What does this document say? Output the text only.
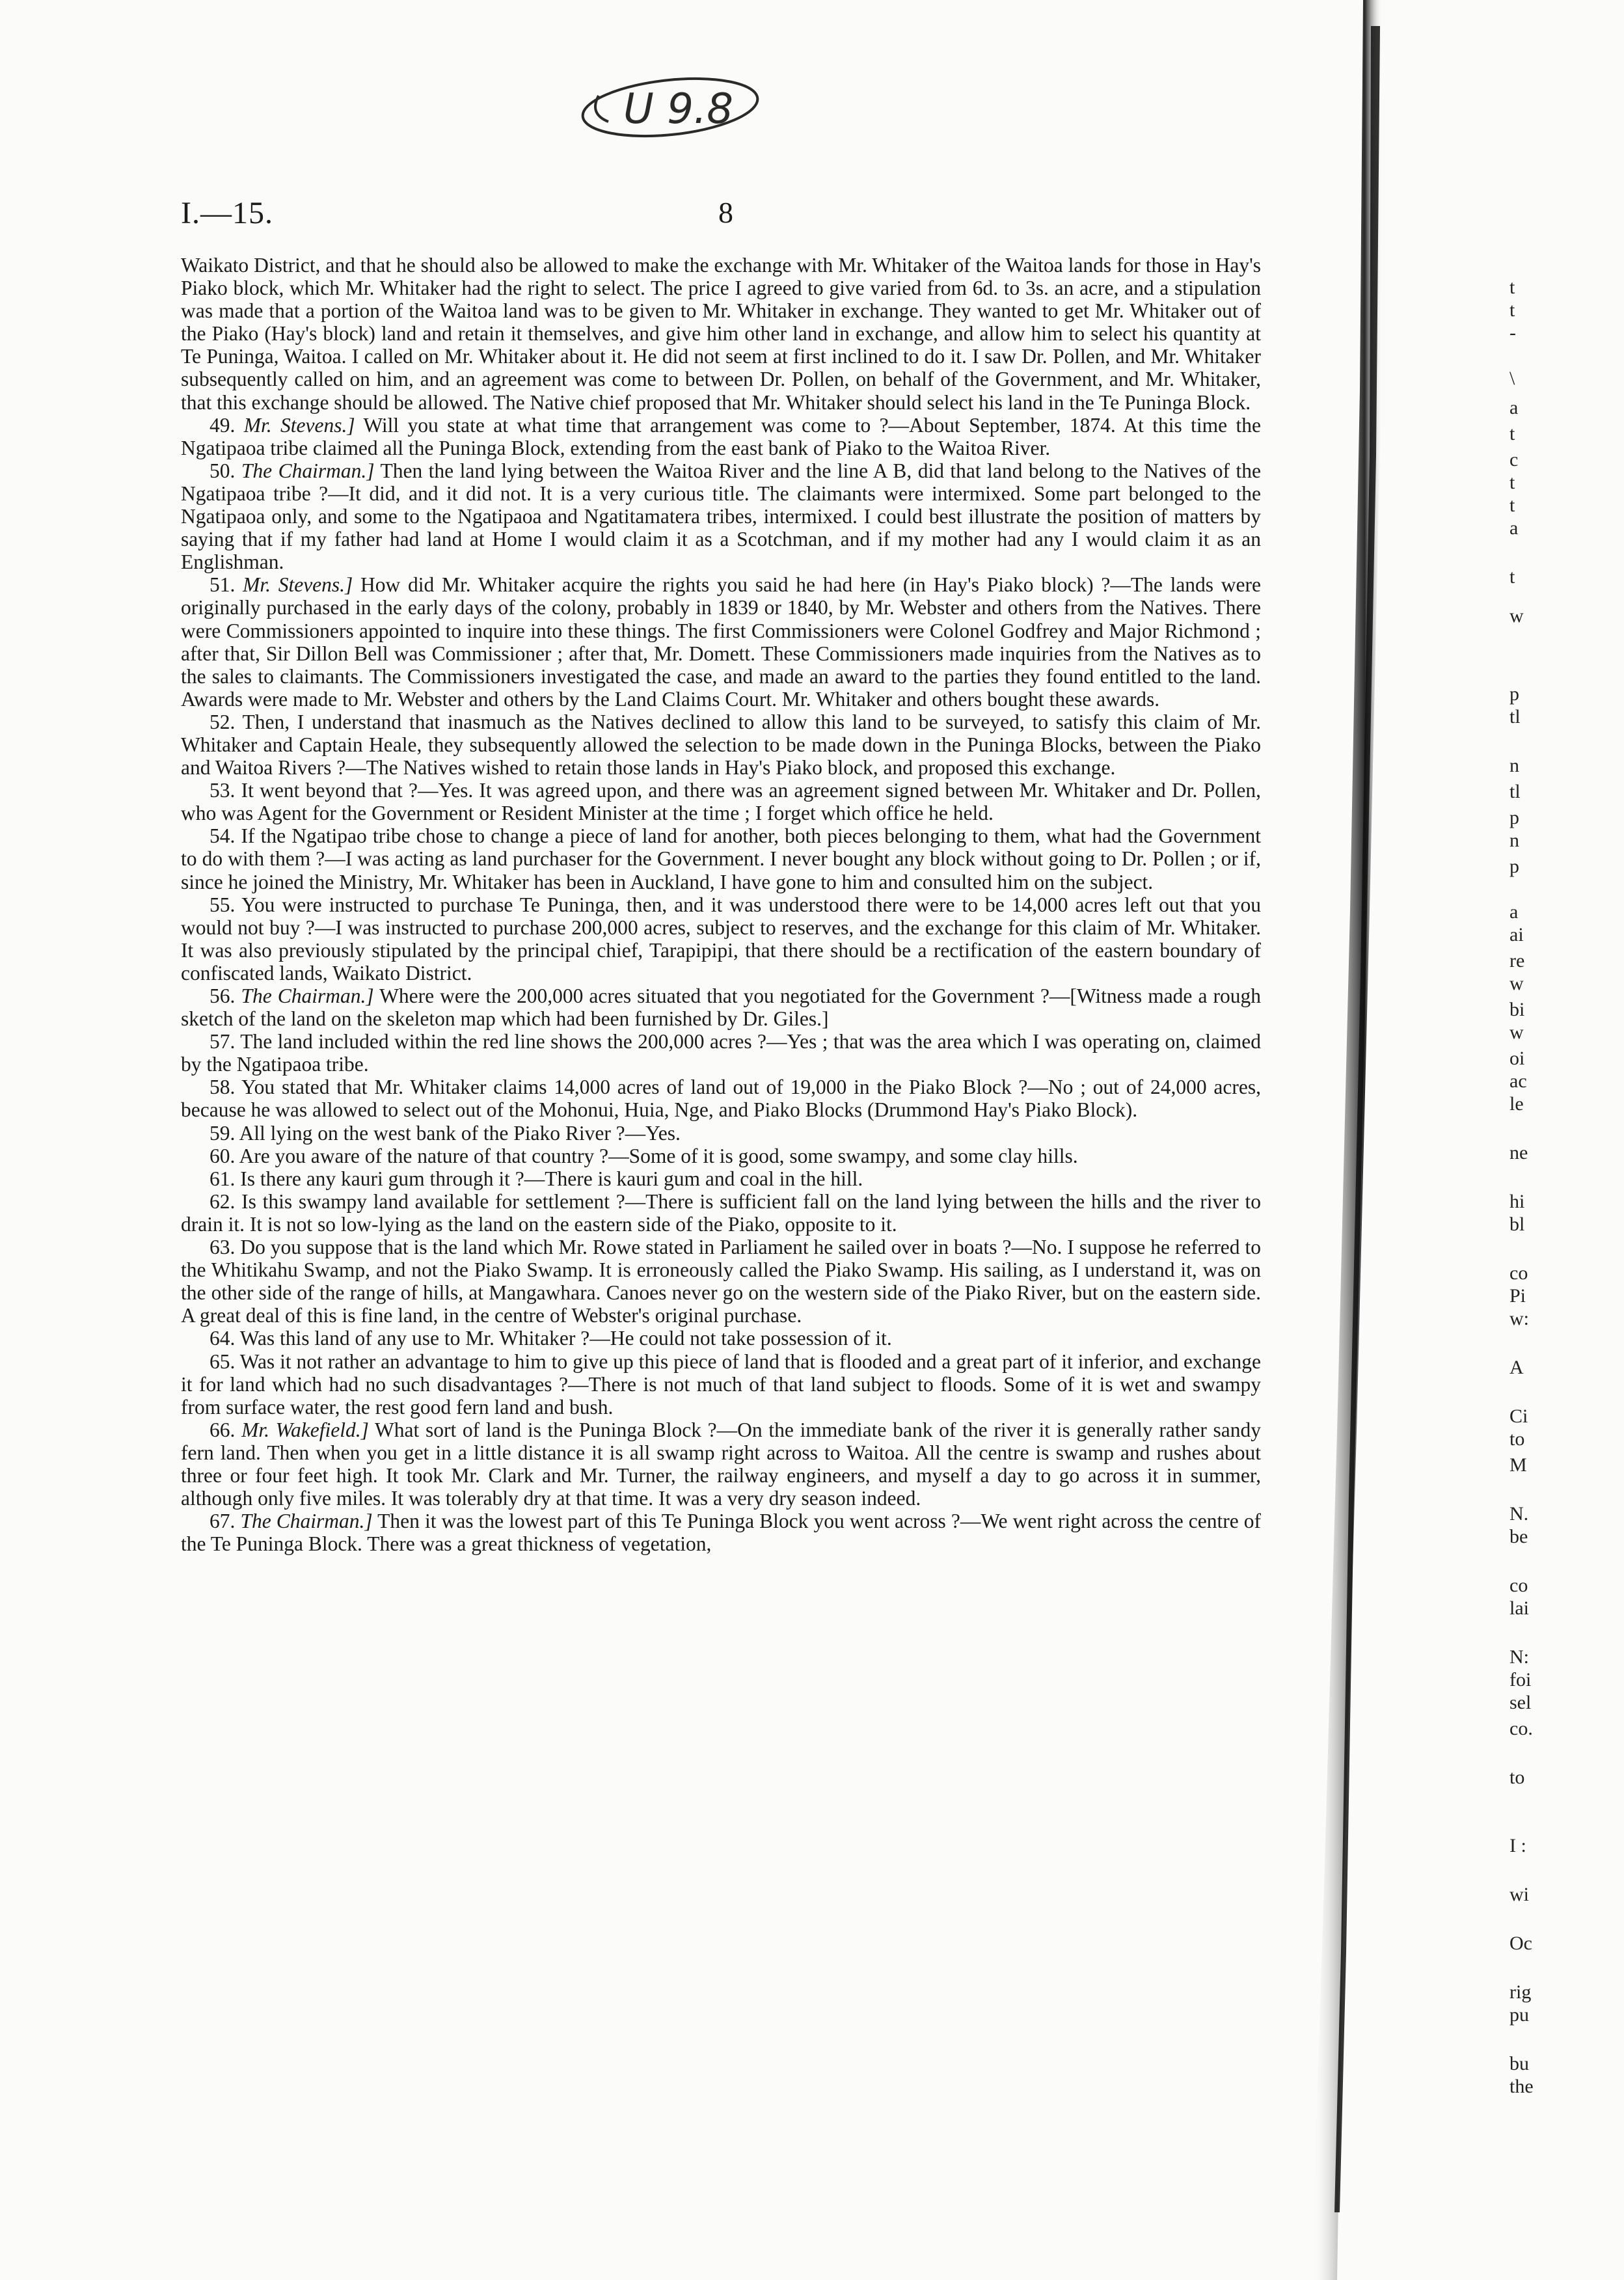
U 9.8
I.—15.	8

Waikato District, and that he should also be allowed to make the exchange with Mr. Whitaker of the Waitoa lands for those in Hay's Piako block, which Mr. Whitaker had the right to select. The price I agreed to give varied from 6d. to 3s. an acre, and a stipulation was made that a portion of the Waitoa land was to be given to Mr. Whitaker in exchange. They wanted to get Mr. Whitaker out of the Piako (Hay's block) land and retain it themselves, and give him other land in exchange, and allow him to select his quantity at Te Puninga, Waitoa. I called on Mr. Whitaker about it. He did not seem at first inclined to do it. I saw Dr. Pollen, and Mr. Whitaker subsequently called on him, and an agreement was come to between Dr. Pollen, on behalf of the Government, and Mr. Whitaker, that this exchange should be allowed. The Native chief proposed that Mr. Whitaker should select his land in the Te Puninga Block.

49. Mr. Stevens.] Will you state at what time that arrangement was come to ?—About September, 1874. At this time the Ngatipaoa tribe claimed all the Puninga Block, extending from the east bank of Piako to the Waitoa River.

50. The Chairman.] Then the land lying between the Waitoa River and the line A B, did that land belong to the Natives of the Ngatipaoa tribe ?—It did, and it did not. It is a very curious title. The claimants were intermixed. Some part belonged to the Ngatipaoa only, and some to the Ngatipaoa and Ngatitamatera tribes, intermixed. I could best illustrate the position of matters by saying that if my father had land at Home I would claim it as a Scotchman, and if my mother had any I would claim it as an Englishman.

51. Mr. Stevens.] How did Mr. Whitaker acquire the rights you said he had here (in Hay's Piako block) ?—The lands were originally purchased in the early days of the colony, probably in 1839 or 1840, by Mr. Webster and others from the Natives. There were Commissioners appointed to inquire into these things. The first Commissioners were Colonel Godfrey and Major Richmond ; after that, Sir Dillon Bell was Commissioner ; after that, Mr. Domett. These Commissioners made inquiries from the Natives as to the sales to claimants. The Commissioners investigated the case, and made an award to the parties they found entitled to the land. Awards were made to Mr. Webster and others by the Land Claims Court. Mr. Whitaker and others bought these awards.

52. Then, I understand that inasmuch as the Natives declined to allow this land to be surveyed, to satisfy this claim of Mr. Whitaker and Captain Heale, they subsequently allowed the selection to be made down in the Puninga Blocks, between the Piako and Waitoa Rivers ?—The Natives wished to retain those lands in Hay's Piako block, and proposed this exchange.

53. It went beyond that ?—Yes. It was agreed upon, and there was an agreement signed between Mr. Whitaker and Dr. Pollen, who was Agent for the Government or Resident Minister at the time ; I forget which office he held.

54. If the Ngatipao tribe chose to change a piece of land for another, both pieces belonging to them, what had the Government to do with them ?—I was acting as land purchaser for the Government. I never bought any block without going to Dr. Pollen ; or if, since he joined the Ministry, Mr. Whitaker has been in Auckland, I have gone to him and consulted him on the subject.

55. You were instructed to purchase Te Puninga, then, and it was understood there were to be 14,000 acres left out that you would not buy ?—I was instructed to purchase 200,000 acres, subject to reserves, and the exchange for this claim of Mr. Whitaker. It was also previously stipulated by the principal chief, Tarapipipi, that there should be a rectification of the eastern boundary of confiscated lands, Waikato District.

56. The Chairman.] Where were the 200,000 acres situated that you negotiated for the Government ?—[Witness made a rough sketch of the land on the skeleton map which had been furnished by Dr. Giles.]

57. The land included within the red line shows the 200,000 acres ?—Yes ; that was the area which I was operating on, claimed by the Ngatipaoa tribe.

58. You stated that Mr. Whitaker claims 14,000 acres of land out of 19,000 in the Piako Block ?—No ; out of 24,000 acres, because he was allowed to select out of the Mohonui, Huia, Nge, and Piako Blocks (Drummond Hay's Piako Block).

59. All lying on the west bank of the Piako River ?—Yes.

60. Are you aware of the nature of that country ?—Some of it is good, some swampy, and some clay hills.

61. Is there any kauri gum through it ?—There is kauri gum and coal in the hill.

62. Is this swampy land available for settlement ?—There is sufficient fall on the land lying between the hills and the river to drain it. It is not so low-lying as the land on the eastern side of the Piako, opposite to it.

63. Do you suppose that is the land which Mr. Rowe stated in Parliament he sailed over in boats ?—No. I suppose he referred to the Whitikahu Swamp, and not the Piako Swamp. It is erroneously called the Piako Swamp. His sailing, as I understand it, was on the other side of the range of hills, at Mangawhara. Canoes never go on the western side of the Piako River, but on the eastern side. A great deal of this is fine land, in the centre of Webster's original purchase.

64. Was this land of any use to Mr. Whitaker ?—He could not take possession of it.

65. Was it not rather an advantage to him to give up this piece of land that is flooded and a great part of it inferior, and exchange it for land which had no such disadvantages ?—There is not much of that land subject to floods. Some of it is wet and swampy from surface water, the rest good fern land and bush.

66. Mr. Wakefield.] What sort of land is the Puninga Block ?—On the immediate bank of the river it is generally rather sandy fern land. Then when you get in a little distance it is all swamp right across to Waitoa. All the centre is swamp and rushes about three or four feet high. It took Mr. Clark and Mr. Turner, the railway engineers, and myself a day to go across it in summer, although only five miles. It was tolerably dry at that time. It was a very dry season indeed.

67. The Chairman.] Then it was the lowest part of this Te Puninga Block you went across ?—We went right across the centre of the Te Puninga Block. There was a great thickness of vegetation,

t
t
-
\
a
t
c
t
t
a
t
w
p
tl
n
tl
p
n
p
a
ai
re
w
bi
w
oi
ac
le
ne
hi
bl
co
Pi
w:
A
Ci
to
M
N.
be
co
lai
N:
foi
sel
co.
to
I :
wi
Oc
rig
pu
bu
the
